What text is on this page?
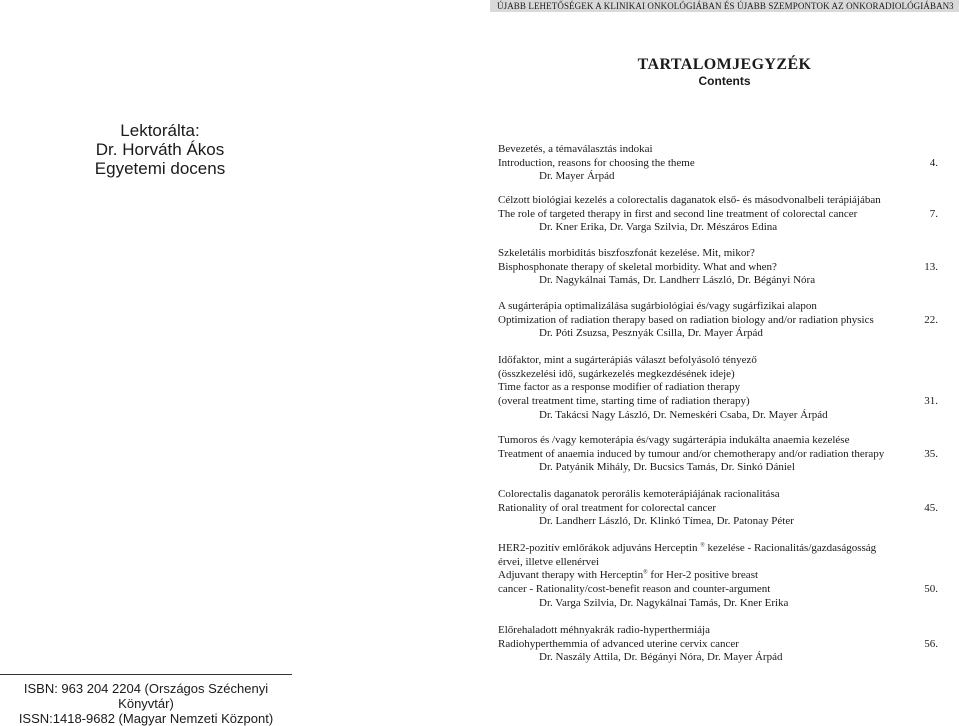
ÚJABB LEHETŐSÉGEK A KLINIKAI ONKOLÓGIÁBAN ÉS ÚJABB SZEMPONTOK AZ ONKORADIOLÓGIÁBAN 3
TARTALOMJEGYZÉK
Contents
Lektorálta:
Dr. Horváth Ákos
Egyetemi docens
Bevezetés, a témaválasztás indokai
Introduction, reasons for choosing the theme	4.
Dr. Mayer Árpád
Célzott biológiai kezelés a colorectalis daganatok első- és másodvonalbeli terápiájában
The role of targeted therapy in first and second line treatment of colorectal cancer	7.
Dr. Kner Erika, Dr. Varga Szilvia, Dr. Mészáros Edina
Szkeletális morbiditás biszfoszfonát kezelése. Mit, mikor?
Bisphosphonate therapy of skeletal morbidity. What and when?	13.
Dr. Nagykálnai Tamás, Dr. Landherr László, Dr. Bégányi Nóra
A sugárterápia optimalizálása sugárbiológiai és/vagy sugárfizikai alapon
Optimization of radiation therapy based on radiation biology and/or radiation physics	22.
Dr. Póti Zsuzsa, Pesznyák Csilla, Dr. Mayer Árpád
Időfaktor, mint a sugárterápiás választ befolyásoló tényező
(összkezelési idő, sugárkezelés megkezdésének ideje)
Time factor as a response modifier of radiation therapy
(overal treatment time, starting time of radiation therapy)	31.
Dr. Takácsi Nagy László, Dr. Nemeskéri Csaba, Dr. Mayer Árpád
Tumoros és /vagy kemoterápia és/vagy sugárterápia indukálta anaemia kezelése
Treatment of anaemia induced by tumour and/or chemotherapy and/or radiation therapy	35.
Dr. Patyánik Mihály, Dr. Bucsics Tamás, Dr. Sinkó Dániel
Colorectalis daganatok perorális kemoterápiájának racionalitása
Rationality of oral treatment for colorectal cancer	45.
Dr. Landherr László, Dr. Klinkó Tímea, Dr. Patonay Péter
HER2-pozitív emlőrákok adjuváns Herceptin ® kezelése - Racionalitás/gazdaságosság
érvei, illetve ellenérvei
Adjuvant therapy with Herceptin® for Her-2 positive breast
cancer - Rationality/cost-benefit reason and counter-argument	50.
Dr. Varga Szilvia, Dr. Nagykálnai Tamás, Dr. Kner Erika
Előrehaladott méhnyakrák radio-hyperthermiája
Radiohyperthemmia of advanced uterine cervix cancer	56.
Dr. Naszály Attila, Dr. Bégányi Nóra, Dr. Mayer Árpád
ISBN: 963 204 2204 (Országos Széchenyi Könyvtár)
ISSN:1418-9682 (Magyar Nemzeti Központ)
